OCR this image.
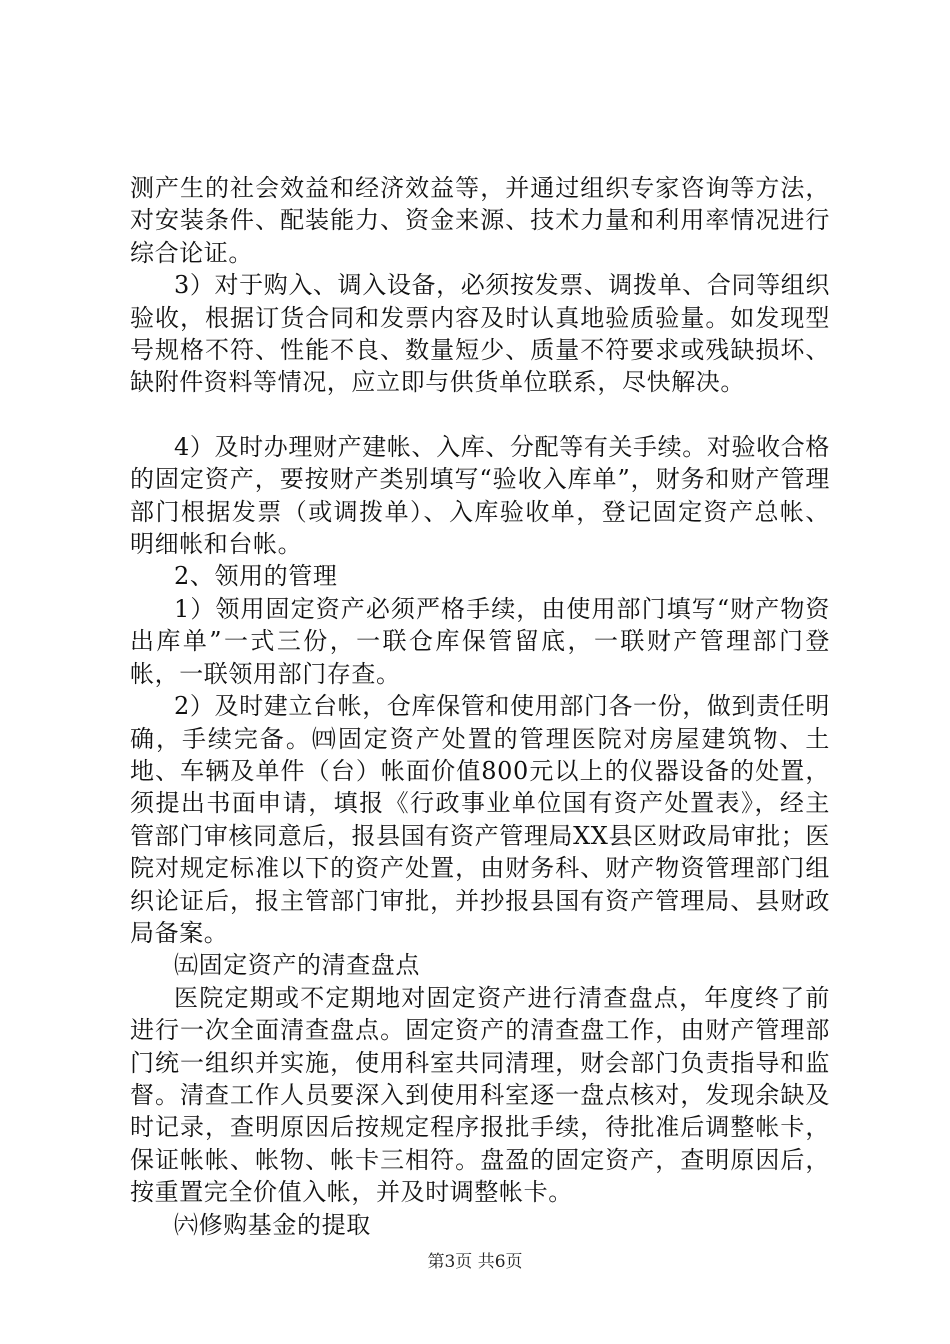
测产生的社会效益和经济效益等，并通过组织专家咨询等方法，对安装条件、配装能力、资金来源、技术力量和利用率情况进行综合论证。

3）对于购入、调入设备，必须按发票、调拨单、合同等组织验收，根据订货合同和发票内容及时认真地验质验量。如发现型号规格不符、性能不良、数量短少、质量不符要求或残缺损坏、缺附件资料等情况，应立即与供货单位联系，尽快解决。

4）及时办理财产建帐、入库、分配等有关手续。对验收合格的固定资产，要按财产类别填写“验收入库单”，财务和财产管理部门根据发票（或调拨单）、入库验收单，登记固定资产总帐、明细帐和台帐。

2、领用的管理

1）领用固定资产必须严格手续，由使用部门填写“财产物资出库单”一式三份，一联仓库保管留底，一联财产管理部门登帐，一联领用部门存查。

2）及时建立台帐，仓库保管和使用部门各一份，做到责任明确，手续完备。㈣固定资产处置的管理医院对房屋建筑物、土地、车辆及单件（台）帐面价值800元以上的仪器设备的处置，须提出书面申请，填报《行政事业单位国有资产处置表》，经主管部门审核同意后，报县国有资产管理局XX县区财政局审批；医院对规定标准以下的资产处置，由财务科、财产物资管理部门组织论证后，报主管部门审批，并抄报县国有资产管理局、县财政局备案。

㈤固定资产的清查盘点

医院定期或不定期地对固定资产进行清查盘点，年度终了前进行一次全面清查盘点。固定资产的清查盘工作，由财产管理部门统一组织并实施，使用科室共同清理，财会部门负责指导和监督。清查工作人员要深入到使用科室逐一盘点核对，发现余缺及时记录，查明原因后按规定程序报批手续，待批准后调整帐卡，保证帐帐、帐物、帐卡三相符。盘盈的固定资产，查明原因后，按重置完全价值入帐，并及时调整帐卡。

㈥修购基金的提取

第3页 共6页
